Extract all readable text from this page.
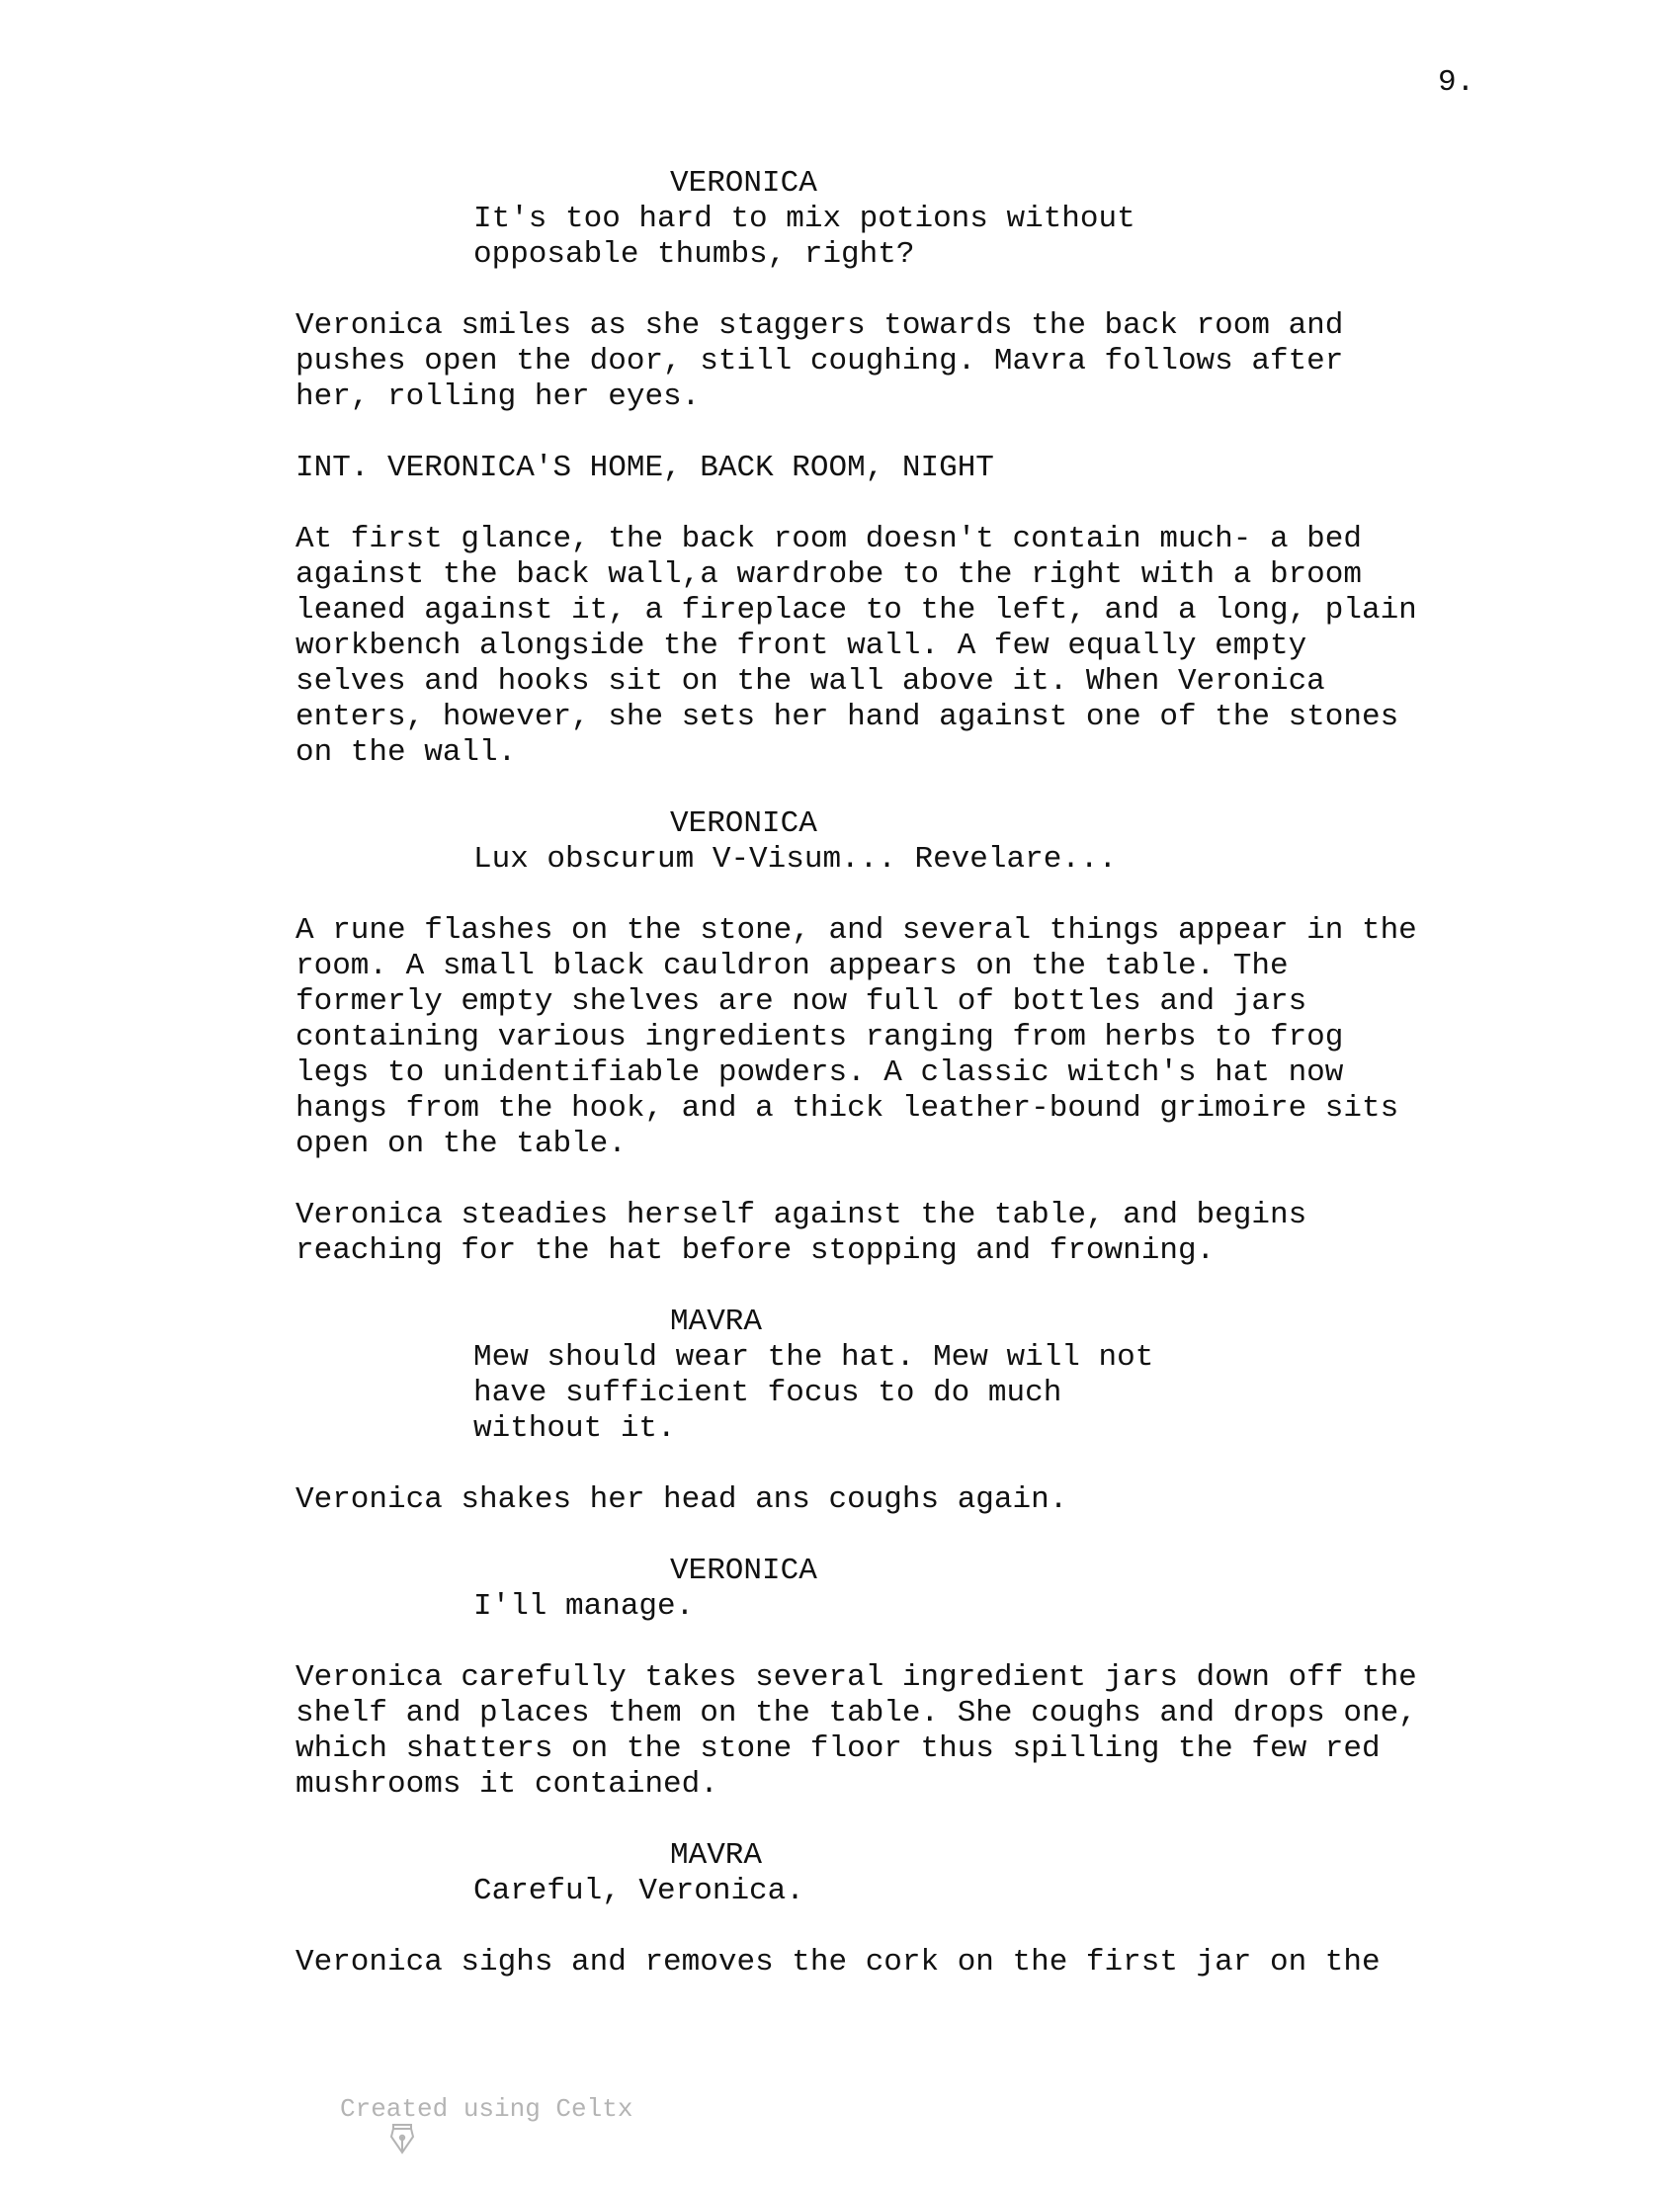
9.
VERONICA
It's too hard to mix potions without
opposable thumbs, right?
Veronica smiles as she staggers towards the back room and
pushes open the door, still coughing. Mavra follows after
her, rolling her eyes.
INT. VERONICA'S HOME, BACK ROOM, NIGHT
At first glance, the back room doesn't contain much- a bed
against the back wall,a wardrobe to the right with a broom
leaned against it, a fireplace to the left, and a long, plain
workbench alongside the front wall. A few equally empty
selves and hooks sit on the wall above it. When Veronica
enters, however, she sets her hand against one of the stones
on the wall.
VERONICA
Lux obscurum V-Visum... Revelare...
A rune flashes on the stone, and several things appear in the
room. A small black cauldron appears on the table. The
formerly empty shelves are now full of bottles and jars
containing various ingredients ranging from herbs to frog
legs to unidentifiable powders. A classic witch's hat now
hangs from the hook, and a thick leather-bound grimoire sits
open on the table.
Veronica steadies herself against the table, and begins
reaching for the hat before stopping and frowning.
MAVRA
Mew should wear the hat. Mew will not
have sufficient focus to do much
without it.
Veronica shakes her head ans coughs again.
VERONICA
I'll manage.
Veronica carefully takes several ingredient jars down off the
shelf and places them on the table. She coughs and drops one,
which shatters on the stone floor thus spilling the few red
mushrooms it contained.
MAVRA
Careful, Veronica.
Veronica sighs and removes the cork on the first jar on the

Created using Celtx
